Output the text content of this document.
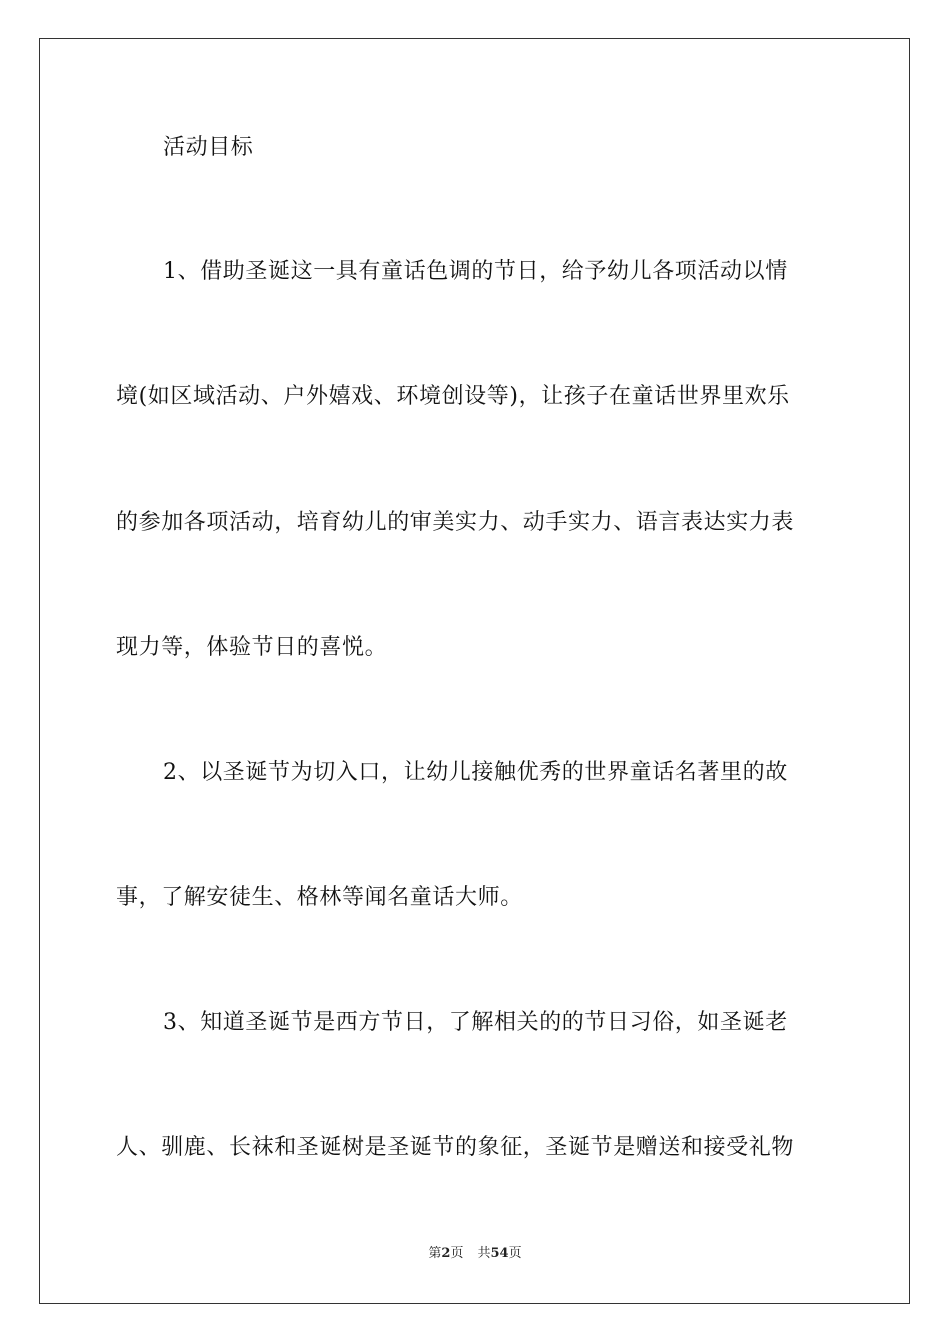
活动目标
1、借助圣诞这一具有童话色调的节日，给予幼儿各项活动以情
境(如区域活动、户外嬉戏、环境创设等)，让孩子在童话世界里欢乐
的参加各项活动，培育幼儿的审美实力、动手实力、语言表达实力表
现力等，体验节日的喜悦。
2、以圣诞节为切入口，让幼儿接触优秀的世界童话名著里的故
事，了解安徒生、格林等闻名童话大师。
3、知道圣诞节是西方节日，了解相关的的节日习俗，如圣诞老
人、驯鹿、长袜和圣诞树是圣诞节的象征，圣诞节是赠送和接受礼物
第2页 共54页
